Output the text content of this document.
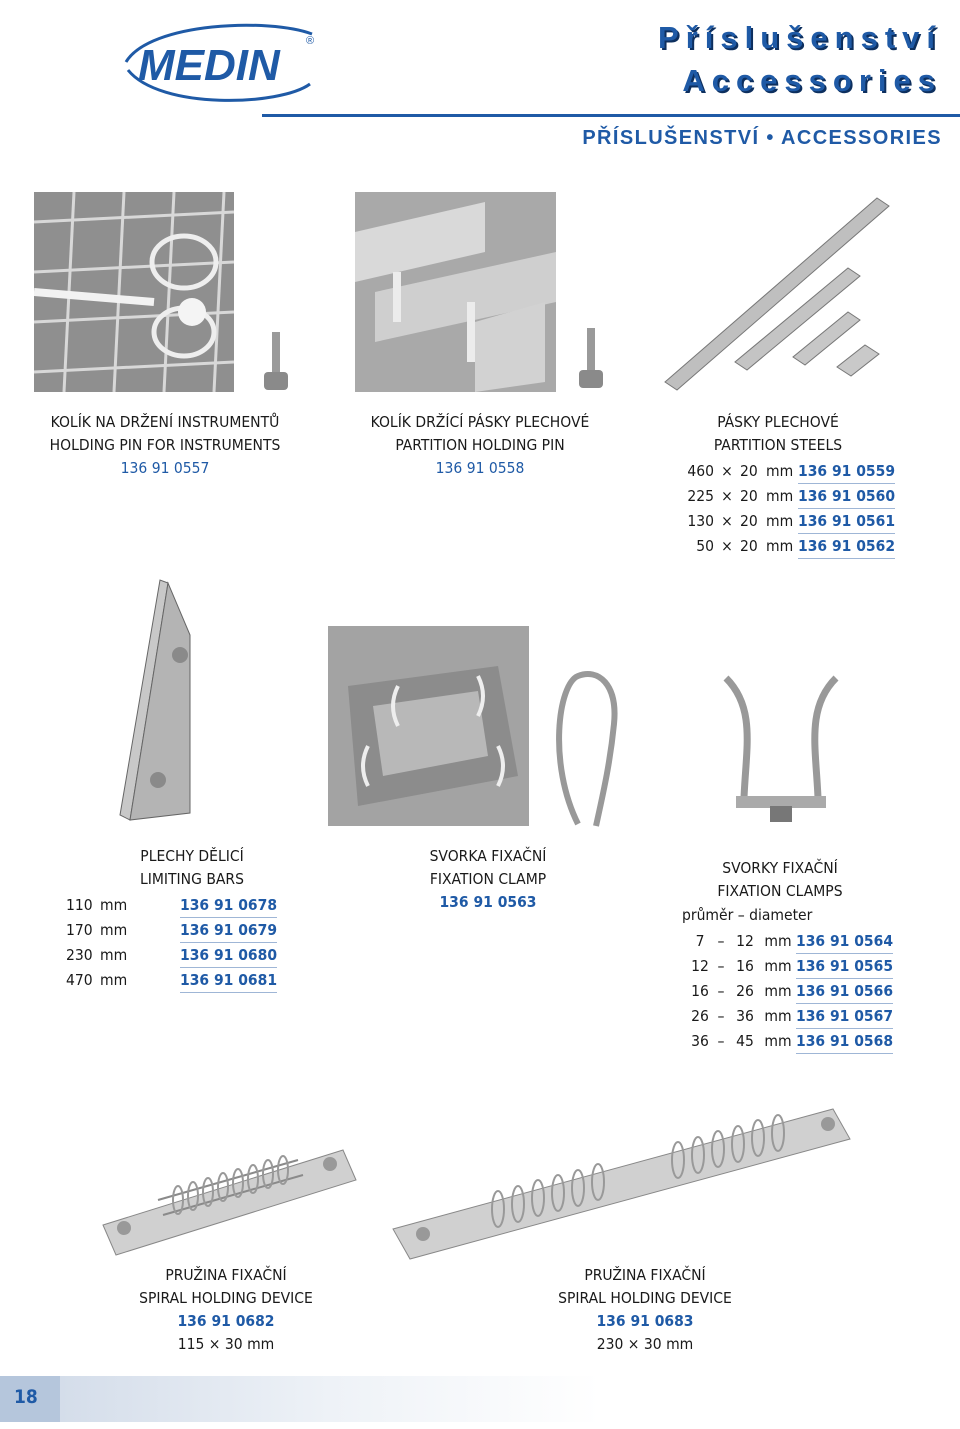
MEDIN ®	Příslušenství
Accessories
PŘÍSLUŠENSTVÍ • ACCESSORIES
KOLÍK NA DRŽENÍ INSTRUMENTŮ
HOLDING PIN FOR INSTRUMENTS
136 91 0557
KOLÍK DRŽÍCÍ PÁSKY PLECHOVÉ
PARTITION HOLDING PIN
136 91 0558
PÁSKY PLECHOVÉ
PARTITION STEELS
460	×	20	mm	136 91 0559
225	×	20	mm	136 91 0560
130	×	20	mm	136 91 0561
50	×	20	mm	136 91 0562
PLECHY DĚLICÍ
LIMITING BARS
110	mm	136 91 0678
170	mm	136 91 0679
230	mm	136 91 0680
470	mm	136 91 0681
SVORKA FIXAČNÍ
FIXATION CLAMP
136 91 0563
SVORKY FIXAČNÍ
FIXATION CLAMPS
průměr – diameter
7	–	12	mm	136 91 0564
12	–	16	mm	136 91 0565
16	–	26	mm	136 91 0566
26	–	36	mm	136 91 0567
36	–	45	mm	136 91 0568
PRUŽINA FIXAČNÍ
SPIRAL HOLDING DEVICE
136 91 0682
115 × 30 mm
PRUŽINA FIXAČNÍ
SPIRAL HOLDING DEVICE
136 91 0683
230 × 30 mm
18
